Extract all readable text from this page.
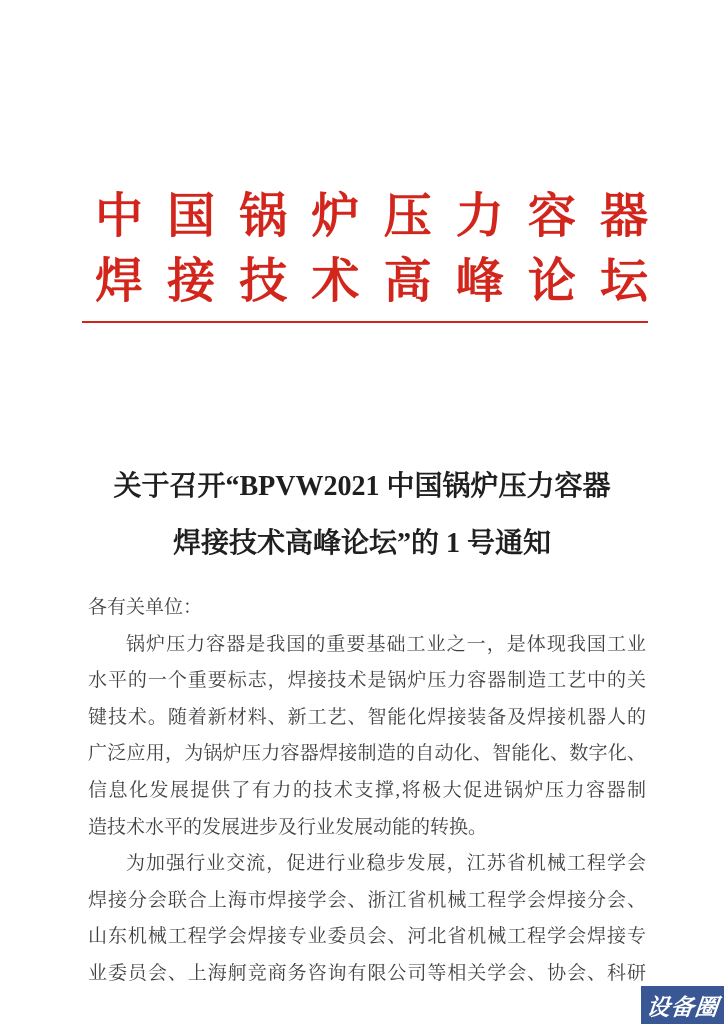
中 国 锅 炉 压 力 容 器
焊 接 技 术 高 峰 论 坛
关于召开“BPVW2021 中国锅炉压力容器
焊接技术高峰论坛”的 1 号通知
各有关单位：
锅炉压力容器是我国的重要基础工业之一，是体现我国工业
水平的一个重要标志，焊接技术是锅炉压力容器制造工艺中的关
键技术。随着新材料、新工艺、智能化焊接装备及焊接机器人的
广泛应用，为锅炉压力容器焊接制造的自动化、智能化、数字化、
信息化发展提供了有力的技术支撑,将极大促进锅炉压力容器制
造技术水平的发展进步及行业发展动能的转换。
为加强行业交流，促进行业稳步发展，江苏省机械工程学会
焊接分会联合上海市焊接学会、浙江省机械工程学会焊接分会、
山东机械工程学会焊接专业委员会、河北省机械工程学会焊接专
业委员会、上海舸竞商务咨询有限公司等相关学会、协会、科研
设备圈
